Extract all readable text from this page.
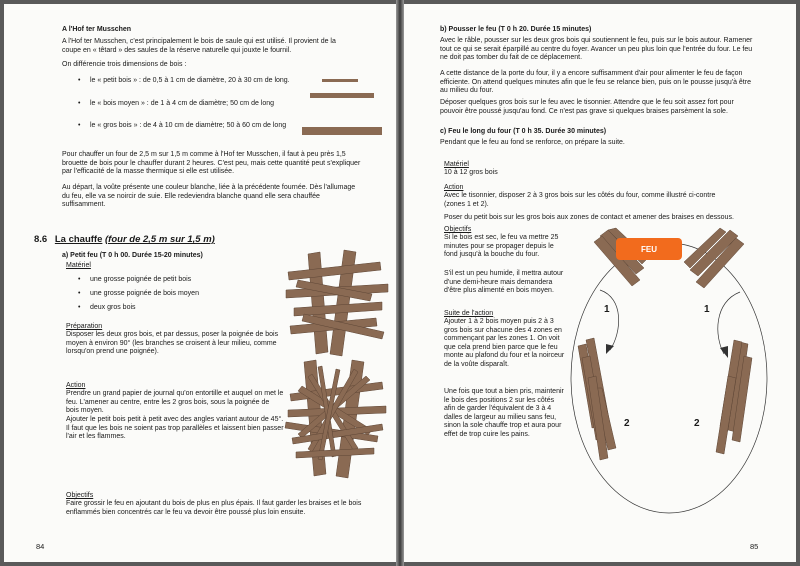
A l'Hof ter Musschen

A l'Hof ter Musschen, c'est principalement le bois de saule qui est utilisé. Il provient de la coupe en « têtard » des saules de la réserve naturelle qui jouxte le fournil.

On différencie trois dimensions de bois :

• le « petit bois » : de 0,5 à 1 cm de diamètre, 20 à 30 cm de long.

• le « bois moyen » : de 1 à 4 cm de diamètre; 50 cm de long

• le « gros bois » : de 4 à 10 cm de diamètre; 50 à 60 cm de long

Pour chauffer un four de 2,5 m sur 1,5 m comme à l'Hof ter Musschen, il faut à peu près 1,5 brouette de bois pour le chauffer durant 2 heures. C'est peu, mais cette quantité peut s'expliquer par l'efficacité de la masse thermique si elle est utilisée.

Au départ, la voûte présente une couleur blanche, liée à la précédente fournée. Dès l'allumage du feu, elle va se noircir de suie. Elle redeviendra blanche quand elle sera chauffée suffisamment.

8.6 La chauffe (four de 2,5 m sur 1,5 m)

a) Petit feu (T 0 h 00. Durée 15-20 minutes)

Matériel

• une grosse poignée de petit bois

• une grosse poignée de bois moyen

• deux gros bois

Préparation

Disposer les deux gros bois, et par dessus, poser la poignée de bois moyen à environ 90° (les branches se croisent à leur milieu, comme lorsqu'on prend une poignée).

Action

Prendre un grand papier de journal qu'on entortille et auquel on met le feu. L'amener au centre, entre les 2 gros bois, sous la poignée de bois moyen.

Ajouter le petit bois petit à petit avec des angles variant autour de 45°. Il faut que les bois ne soient pas trop parallèles et laissent bien passer l'air et les flammes.

Objectifs

Faire grossir le feu en ajoutant du bois de plus en plus épais. Il faut garder les braises et le bois enflammés bien concentrés car le feu va devoir être poussé plus loin ensuite.

84

b) Pousser le feu (T 0 h 20. Durée 15 minutes)

Avec le râble, pousser sur les deux gros bois qui soutiennent le feu, puis sur le bois autour. Ramener tout ce qui se serait éparpillé au centre du foyer. Avancer un peu plus loin que l'entrée du four. Le feu ne doit pas tomber du fait de ce déplacement.

A cette distance de la porte du four, il y a encore suffisamment d'air pour alimenter le feu de façon efficiente. On attend quelques minutes afin que le feu se relance bien, puis on le pousse jusqu'à être au milieu du four.

Déposer quelques gros bois sur le feu avec le tisonnier. Attendre que le feu soit assez fort pour pouvoir être poussé jusqu'au fond. Ce n'est pas grave si quelques braises parsèment la sole.

c) Feu le long du four (T 0 h 35. Durée 30 minutes)

Pendant que le feu au fond se renforce, on prépare la suite.

Matériel

10 à 12 gros bois

Action

Avec le tisonnier, disposer 2 à 3 gros bois sur les côtés du four, comme illustré ci-contre (zones 1 et 2).

Poser du petit bois sur les gros bois aux zones de contact et amener des braises en dessous.

Objectifs

Si le bois est sec, le feu va mettre 25 minutes pour se propager depuis le fond jusqu'à la bouche du four.

S'il est un peu humide, il mettra autour d'une demi-heure mais demandera d'être plus alimenté en bois moyen.

Suite de l'action

Ajouter 1 à 2 bois moyen puis 2 à 3 gros bois sur chacune des 4 zones en commençant par les zones 1. On voit que cela prend bien parce que le feu monte au plafond du four et la noirceur de la voûte disparaît.

Une fois que tout a bien pris, maintenir le bois des positions 2 sur les côtés afin de garder l'équivalent de 3 à 4 dalles de largeur au milieu sans feu, sinon la sole chauffe trop et aura pour effet de trop cuire les pains.

85

FEU

1	1

2	2
